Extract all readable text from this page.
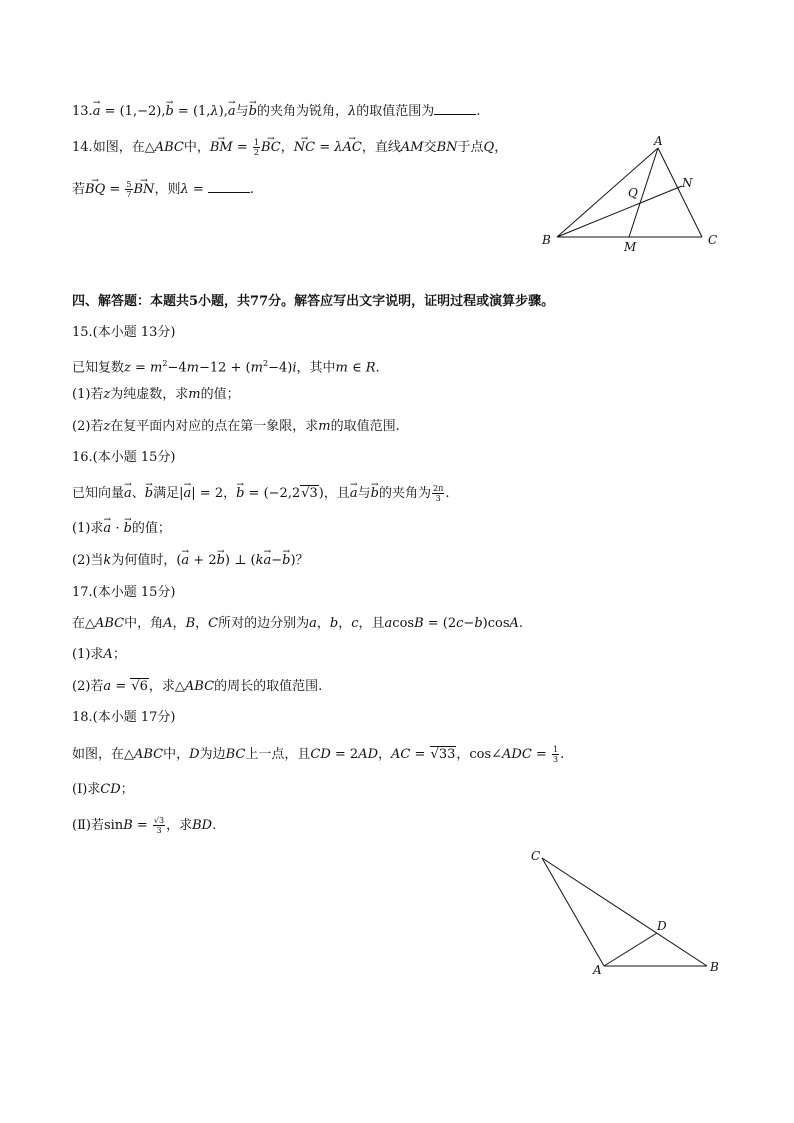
13.→ a = (1,−2),→ b = (1,λ),→ a与→ b的夹角为锐角，λ的取值范围为	.
14.如图，在△ABC中，→ BM = $\frac{1}{2}$ → BC，→ NC = λ→ AC，直线AM交BN于点Q，
若→ BQ = $\frac{5}{7}$ → BN，则λ =	.
A
B	C
M
N
Q
四、解答题：本题共5小题，共77分。解答应写出文字说明，证明过程或演算步骤。
15.(本小题 13分)
已知复数$z = m^2-4m-12 + (m^2-4)i$，其中m ∈ R.
(1)若z为纯虚数，求m的值；
(2)若z在复平面内对应的点在第一象限，求m的取值范围.
16.(本小题 15分)
已知向量→ a、→ b满足|→ a| = 2，→ b = (−2,2√3)，且→ a与→ b的夹角为 $\frac{2\pi}{3}$ .
(1)求→ a · → b的值；
(2)当k为何值时，(→ a + 2→ b) ⊥ (k→ a−→ b)？
17.(本小题 15分)
在△ABC中，角A，B，C所对的边分别为a，b，c，且acosB = (2c−b)cosA.
(1)求A；
(2)若a = √6，求△ABC的周长的取值范围.
18.(本小题 17分)
如图，在△ABC中，D为边BC上一点，且CD = 2AD，AC = √33，cos∠ADC = $\frac{1}{3}$ .
(Ⅰ)求CD；
(Ⅱ)若$\sin B = \frac{√3}{3}$ ，求BD.
C
D
A	B
